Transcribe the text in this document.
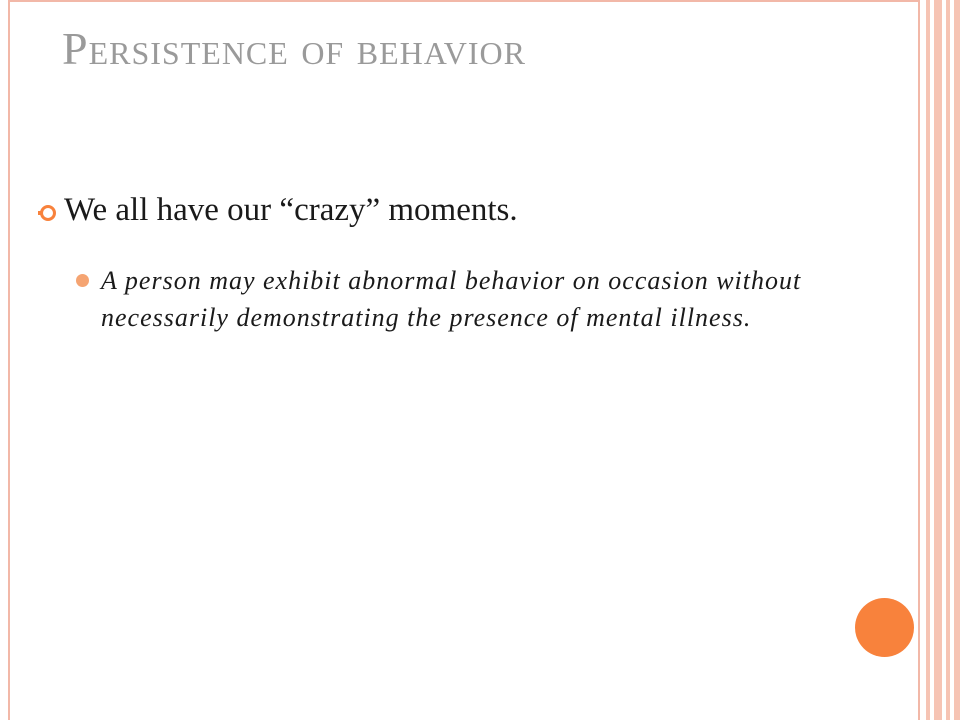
Persistence of behavior
We all have our “crazy” moments.
A person may exhibit abnormal behavior on occasion without necessarily demonstrating the presence of mental illness.
